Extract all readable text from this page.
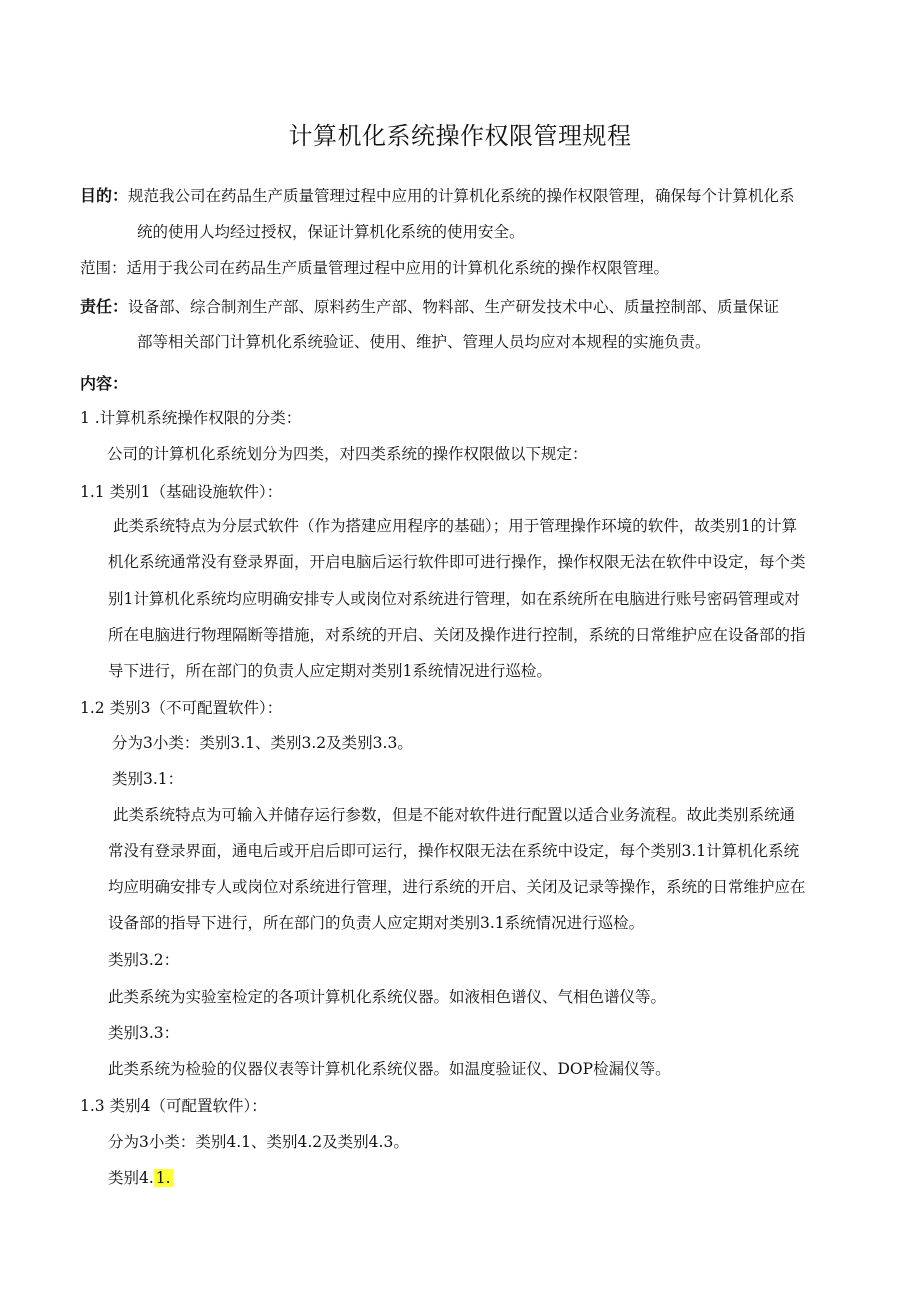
计算机化系统操作权限管理规程
目的：规范我公司在药品生产质量管理过程中应用的计算机化系统的操作权限管理，确保每个计算机化系
统的使用人均经过授权，保证计算机化系统的使用安全。
范围：适用于我公司在药品生产质量管理过程中应用的计算机化系统的操作权限管理。
责任：设备部、综合制剂生产部、原料药生产部、物料部、生产研发技术中心、质量控制部、质量保证
部等相关部门计算机化系统验证、使用、维护、管理人员均应对本规程的实施负责。
内容：
1 .计算机系统操作权限的分类：
公司的计算机化系统划分为四类，对四类系统的操作权限做以下规定：
1.1 类别1（基础设施软件）：
此类系统特点为分层式软件（作为搭建应用程序的基础）；用于管理操作环境的软件，故类别1的计算
机化系统通常没有登录界面，开启电脑后运行软件即可进行操作，操作权限无法在软件中设定，每个类
别1计算机化系统均应明确安排专人或岗位对系统进行管理，如在系统所在电脑进行账号密码管理或对
所在电脑进行物理隔断等措施，对系统的开启、关闭及操作进行控制，系统的日常维护应在设备部的指
导下进行，所在部门的负责人应定期对类别1系统情况进行巡检。
1.2 类别3（不可配置软件）：
分为3小类：类别3.1、类别3.2及类别3.3。
类别3.1：
此类系统特点为可输入并储存运行参数，但是不能对软件进行配置以适合业务流程。故此类别系统通
常没有登录界面，通电后或开启后即可运行，操作权限无法在系统中设定，每个类别3.1计算机化系统
均应明确安排专人或岗位对系统进行管理，进行系统的开启、关闭及记录等操作，系统的日常维护应在
设备部的指导下进行，所在部门的负责人应定期对类别3.1系统情况进行巡检。
类别3.2：
此类系统为实验室检定的各项计算机化系统仪器。如液相色谱仪、气相色谱仪等。
类别3.3：
此类系统为检验的仪器仪表等计算机化系统仪器。如温度验证仪、DOP检漏仪等。
1.3 类别4（可配置软件）：
分为3小类：类别4.1、类别4.2及类别4.3。
类别4. 1.
